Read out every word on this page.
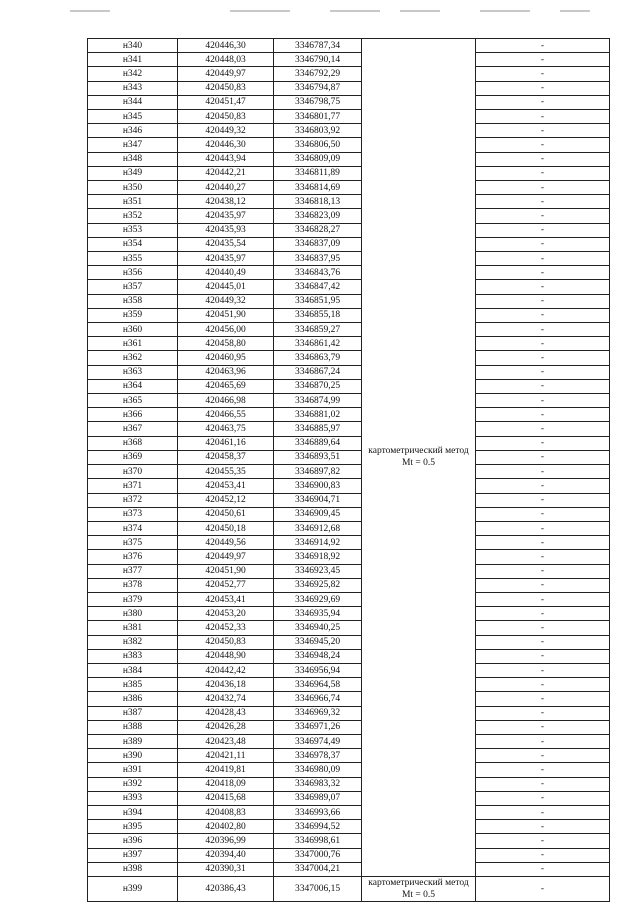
н340	420446,30	3346787,34	картометрический метод Mt = 0.5	-
н341	420448,03	3346790,14		-
н342	420449,97	3346792,29		-
н343	420450,83	3346794,87		-
н344	420451,47	3346798,75		-
н345	420450,83	3346801,77		-
н346	420449,32	3346803,92		-
н347	420446,30	3346806,50		-
н348	420443,94	3346809,09		-
н349	420442,21	3346811,89		-
н350	420440,27	3346814,69		-
н351	420438,12	3346818,13		-
н352	420435,97	3346823,09		-
н353	420435,93	3346828,27		-
н354	420435,54	3346837,09		-
н355	420435,97	3346837,95		-
н356	420440,49	3346843,76		-
н357	420445,01	3346847,42		-
н358	420449,32	3346851,95		-
н359	420451,90	3346855,18		-
н360	420456,00	3346859,27		-
н361	420458,80	3346861,42		-
н362	420460,95	3346863,79		-
н363	420463,96	3346867,24		-
н364	420465,69	3346870,25		-
н365	420466,98	3346874,99		-
н366	420466,55	3346881,02		-
н367	420463,75	3346885,97		-
н368	420461,16	3346889,64		-
н369	420458,37	3346893,51		-
н370	420455,35	3346897,82		-
н371	420453,41	3346900,83		-
н372	420452,12	3346904,71		-
н373	420450,61	3346909,45		-
н374	420450,18	3346912,68		-
н375	420449,56	3346914,92		-
н376	420449,97	3346918,92		-
н377	420451,90	3346923,45		-
н378	420452,77	3346925,82		-
н379	420453,41	3346929,69		-
н380	420453,20	3346935,94		-
н381	420452,33	3346940,25		-
н382	420450,83	3346945,20		-
н383	420448,90	3346948,24		-
н384	420442,42	3346956,94		-
н385	420436,18	3346964,58		-
н386	420432,74	3346966,74		-
н387	420428,43	3346969,32		-
н388	420426,28	3346971,26		-
н389	420423,48	3346974,49		-
н390	420421,11	3346978,37		-
н391	420419,81	3346980,09		-
н392	420418,09	3346983,32		-
н393	420415,68	3346989,07		-
н394	420408,83	3346993,66		-
н395	420402,80	3346994,52		-
н396	420396,99	3346998,61		-
н397	420394,40	3347000,76		-
н398	420390,31	3347004,21		-
н399	420386,43	3347006,15	картометрический метод Mt = 0.5	-
